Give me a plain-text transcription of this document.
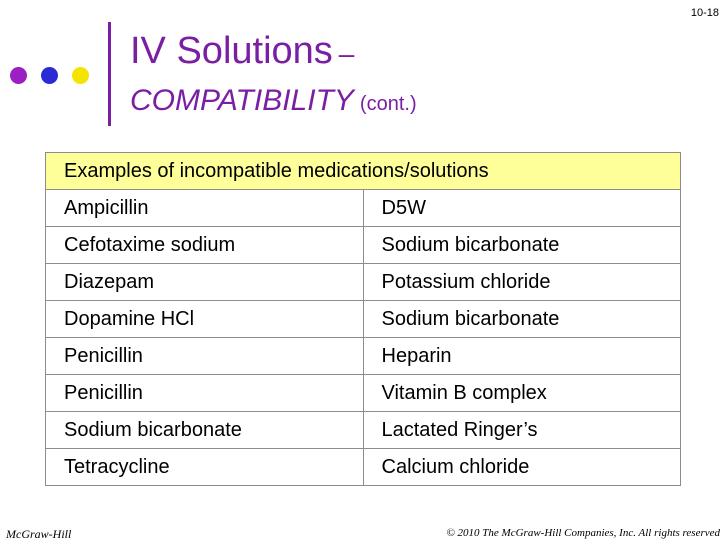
10-18
IV Solutions –
COMPATIBILITY (cont.)
Examples of incompatible medications/solutions	
Ampicillin	D5W
Cefotaxime sodium	Sodium bicarbonate
Diazepam	Potassium chloride
Dopamine HCl	Sodium bicarbonate
Penicillin	Heparin
Penicillin	Vitamin B complex
Sodium bicarbonate	Lactated Ringer’s
Tetracycline	Calcium chloride
McGraw-Hill	© 2010 The McGraw-Hill Companies, Inc. All rights reserved
